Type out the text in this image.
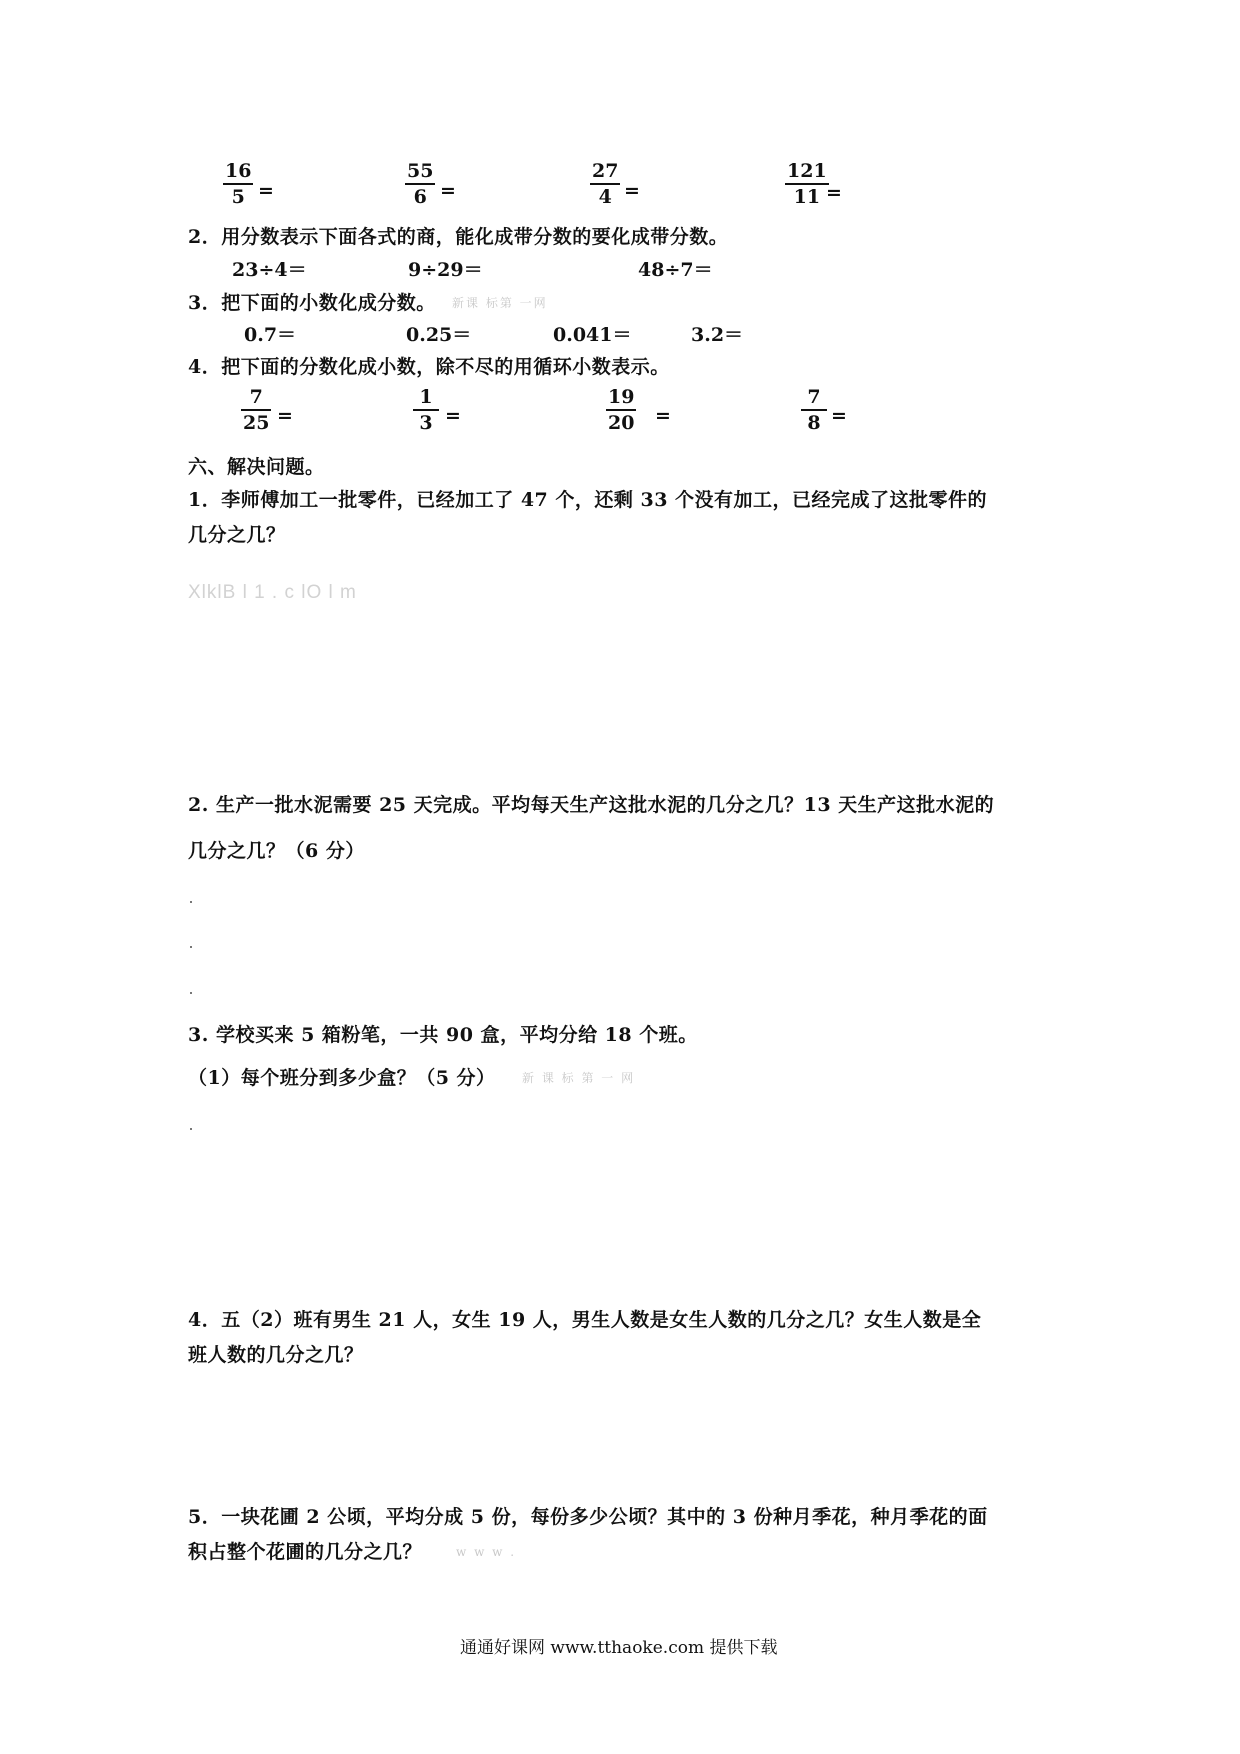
16
5 =
55
6 =
27
4 =
121
11 =
2．用分数表示下面各式的商，能化成带分数的要化成带分数。
23÷4＝	9÷29＝	48÷7＝
3．把下面的小数化成分数。 新课 标第 一网
0.7＝	0.25＝	0.041＝	3.2＝
4．把下面的分数化成小数，除不尽的用循环小数表示。
7
25 =
1
3 =
19
20 =
7
8 =
六、解决问题。
1．李师傅加工一批零件，已经加工了 47 个，还剩 33 个没有加工，已经完成了这批零件的
几分之几？
XlklB l 1 . c lO l m
2. 生产一批水泥需要 25 天完成。平均每天生产这批水泥的几分之几？13 天生产这批水泥的
几分之几？（6 分）
3. 学校买来 5 箱粉笔，一共 90 盒，平均分给 18 个班。
（1）每个班分到多少盒？（5 分） 新 课 标 第 一 网
4．五（2）班有男生 21 人，女生 19 人，男生人数是女生人数的几分之几？女生人数是全
班人数的几分之几？
5．一块花圃 2 公顷，平均分成 5 份，每份多少公顷？其中的 3 份种月季花，种月季花的面
积占整个花圃的几分之几？	w w w .
通通好课网 www.tthaoke.com 提供下载
